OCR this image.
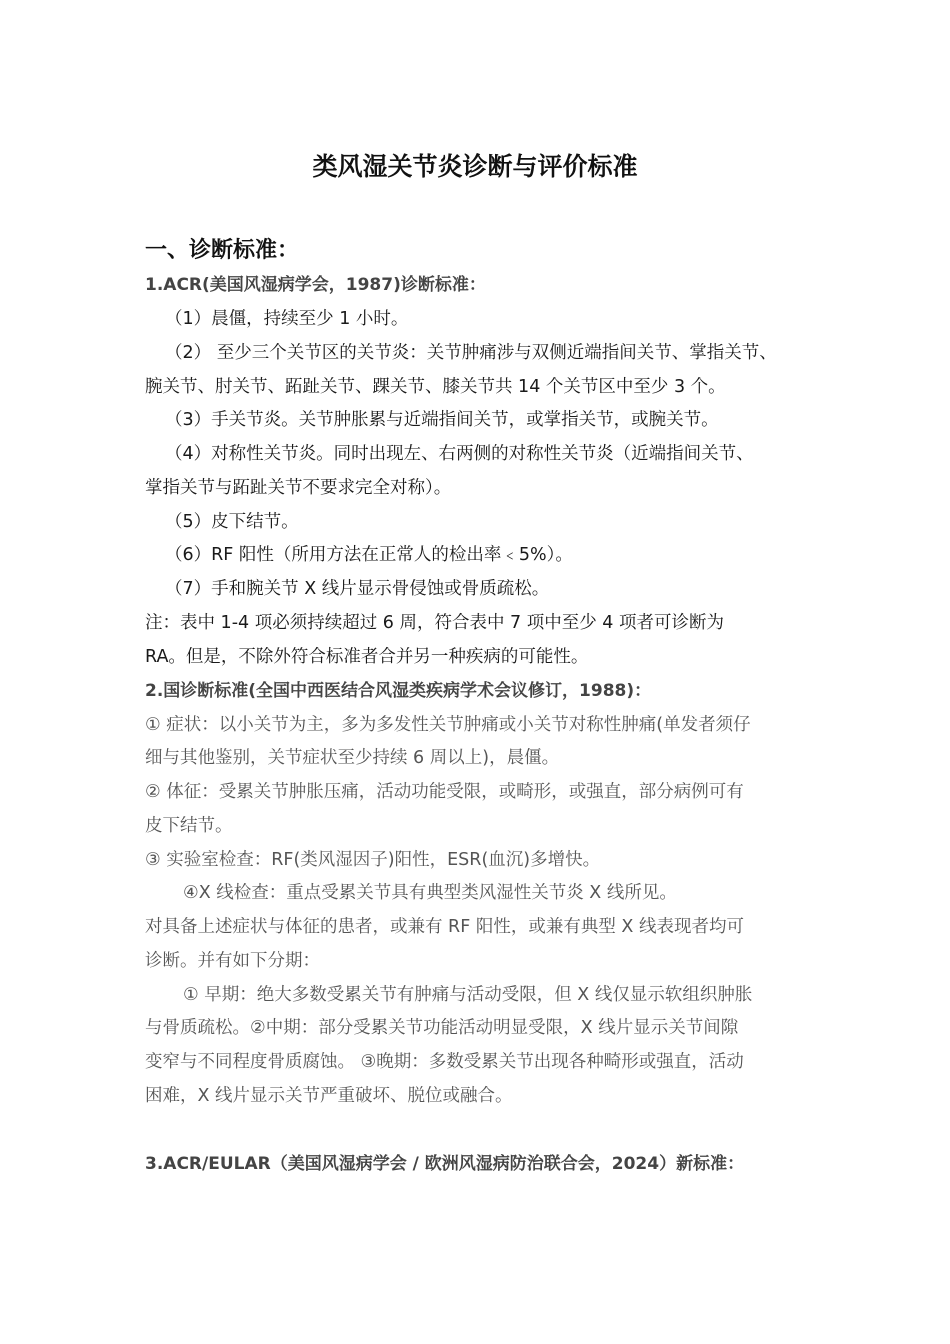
类风湿关节炎诊断与评价标准
一、诊断标准：
1.ACR(美国风湿病学会，1987)诊断标准：
（1）晨僵，持续至少 1 小时。
（2） 至少三个关节区的关节炎：关节肿痛涉与双侧近端指间关节、掌指关节、
腕关节、肘关节、跖趾关节、踝关节、膝关节共 14 个关节区中至少 3 个。
（3）手关节炎。关节肿胀累与近端指间关节，或掌指关节，或腕关节。
（4）对称性关节炎。同时出现左、右两侧的对称性关节炎（近端指间关节、
掌指关节与跖趾关节不要求完全对称）。
（5）皮下结节。
（6）RF 阳性（所用方法在正常人的检出率﹤5%）。
（7）手和腕关节 X 线片显示骨侵蚀或骨质疏松。
注：表中 1-4 项必须持续超过 6 周，符合表中 7 项中至少 4 项者可诊断为
RA。但是，不除外符合标准者合并另一种疾病的可能性。
2.国诊断标准(全国中西医结合风湿类疾病学术会议修订，1988)：
① 症状：以小关节为主，多为多发性关节肿痛或小关节对称性肿痛(单发者须仔
细与其他鉴别，关节症状至少持续 6 周以上)，晨僵。
② 体征：受累关节肿胀压痛，活动功能受限，或畸形，或强直，部分病例可有
皮下结节。
③ 实验室检查：RF(类风湿因子)阳性，ESR(血沉)多增快。
④X 线检查：重点受累关节具有典型类风湿性关节炎 X 线所见。
对具备上述症状与体征的患者，或兼有 RF 阳性，或兼有典型 X 线表现者均可
诊断。并有如下分期：
① 早期：绝大多数受累关节有肿痛与活动受限，但 X 线仅显示软组织肿胀
与骨质疏松。②中期：部分受累关节功能活动明显受限，X 线片显示关节间隙
变窄与不同程度骨质腐蚀。 ③晚期：多数受累关节出现各种畸形或强直，活动
困难，X 线片显示关节严重破坏、脱位或融合。
3.ACR/EULAR（美国风湿病学会 / 欧洲风湿病防治联合会，2024）新标准：
